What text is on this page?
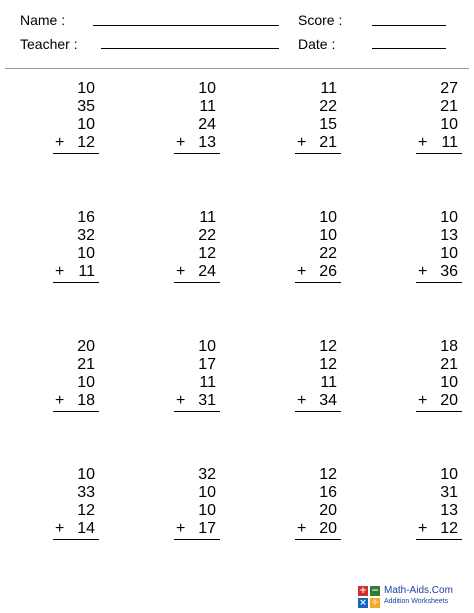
Name :
Teacher :
Score :
Date :
10
35
10
+ 12
10
11
24
+ 13
11
22
15
+ 21
27
21
10
+ 11
16
32
10
+ 11
11
22
12
+ 24
10
10
22
+ 26
10
13
10
+ 36
20
21
10
+ 18
10
17
11
+ 31
12
12
11
+ 34
18
21
10
+ 20
10
33
12
+ 14
32
10
10
+ 17
12
16
20
+ 20
10
31
13
+ 12
+ −
× ÷
Math-Aids.Com
Addition Worksheets
